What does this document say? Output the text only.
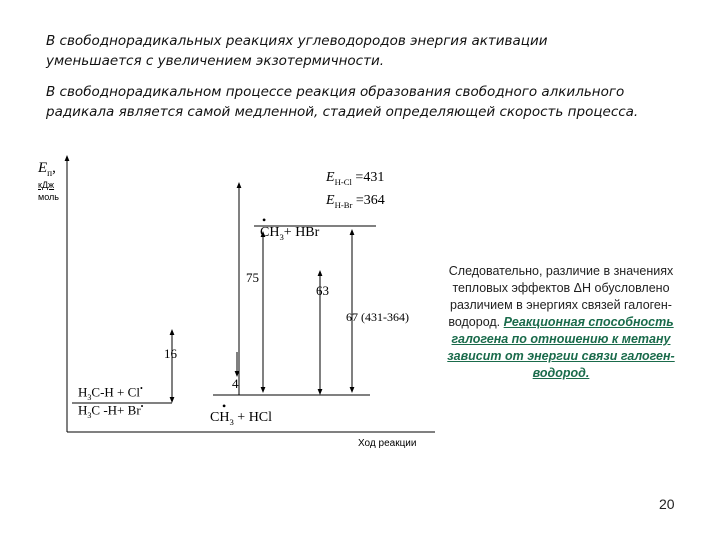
В свободнорадикальных реакциях углеводородов энергия активации уменьшается с увеличением экзотермичности.
В свободнорадикальном процессе реакция образования свободного алкильного радикала является самой медленной, стадией определяющей скорость процесса.
$E_п$,
кДж
моль
$E_{H-Cl} =431$
$E_{H-Br} =364$
•
$CH_3+$ HBr
75
63
67 (431-364)
16
4
$H_3C-H + Cl^•$
$H_3C$ -H+ Br•	•
$CH_3$ + HCl
Ход реакции
Следовательно, различие в значениях тепловых эффектов ΔH обусловлено различием в энергиях связей галоген-водород. Реакционная способность галогена по отношению к метану зависит от энергии связи галоген-водород.
20
